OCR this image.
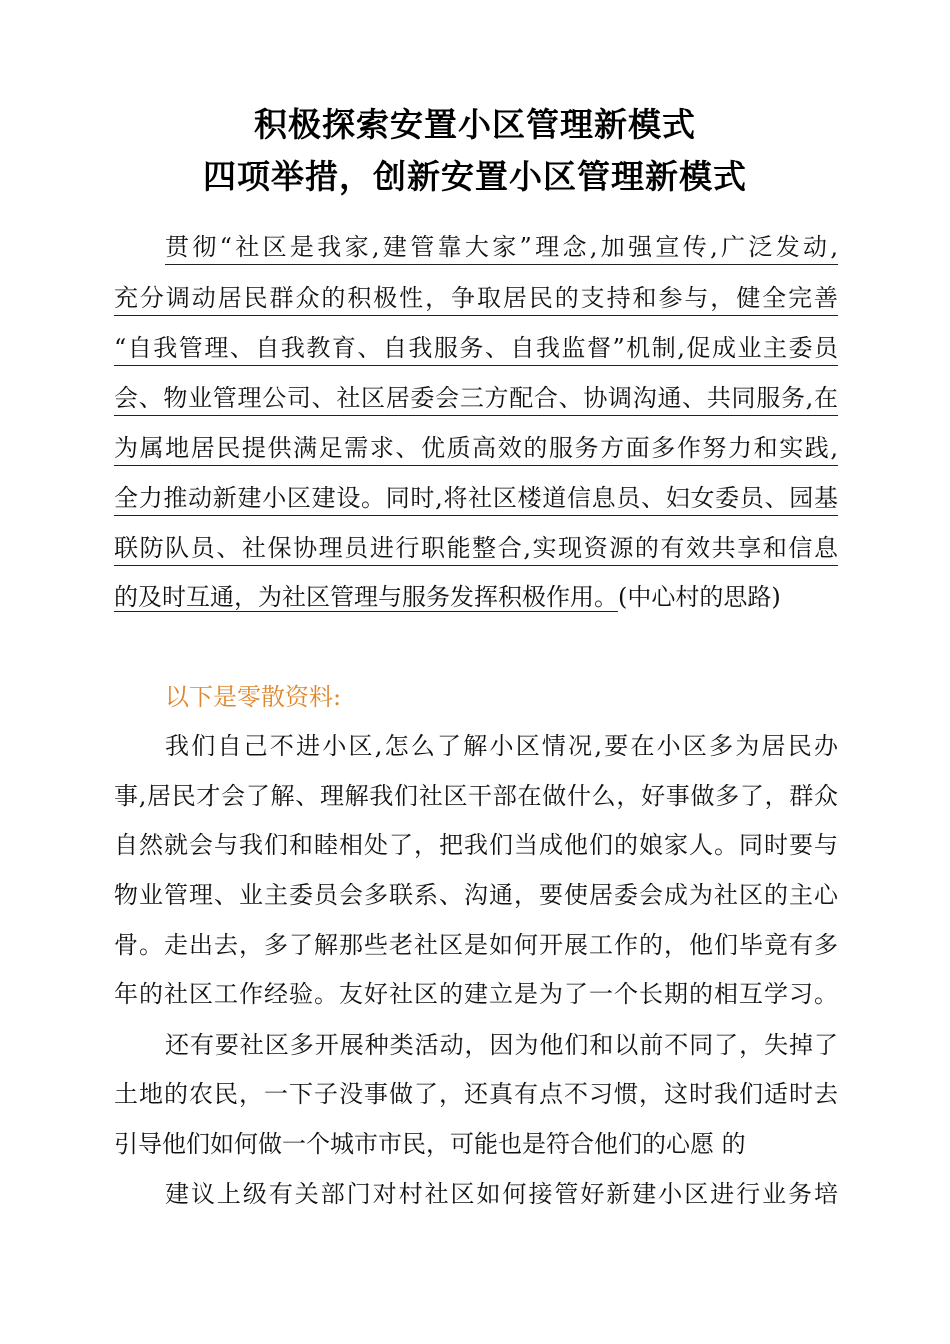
积极探索安置小区管理新模式
四项举措，创新安置小区管理新模式
贯彻“社区是我家,建管靠大家”理念,加强宣传,广泛发动,
充分调动居民群众的积极性，争取居民的支持和参与，健全完善
“自我管理、自我教育、自我服务、自我监督”机制,促成业主委员
会、物业管理公司、社区居委会三方配合、协调沟通、共同服务,在
为属地居民提供满足需求、优质高效的服务方面多作努力和实践,
全力推动新建小区建设。同时,将社区楼道信息员、妇女委员、园基
联防队员、社保协理员进行职能整合,实现资源的有效共享和信息
的及时互通，为社区管理与服务发挥积极作用。(中心村的思路)
以下是零散资料:
我们自己不进小区,怎么了解小区情况,要在小区多为居民办
事,居民才会了解、理解我们社区干部在做什么，好事做多了，群众
自然就会与我们和睦相处了，把我们当成他们的娘家人。同时要与
物业管理、业主委员会多联系、沟通，要使居委会成为社区的主心
骨。走出去，多了解那些老社区是如何开展工作的，他们毕竟有多
年的社区工作经验。友好社区的建立是为了一个长期的相互学习。
还有要社区多开展种类活动，因为他们和以前不同了，失掉了
土地的农民，一下子没事做了，还真有点不习惯，这时我们适时去
引导他们如何做一个城市市民，可能也是符合他们的心愿 的
建议上级有关部门对村社区如何接管好新建小区进行业务培
